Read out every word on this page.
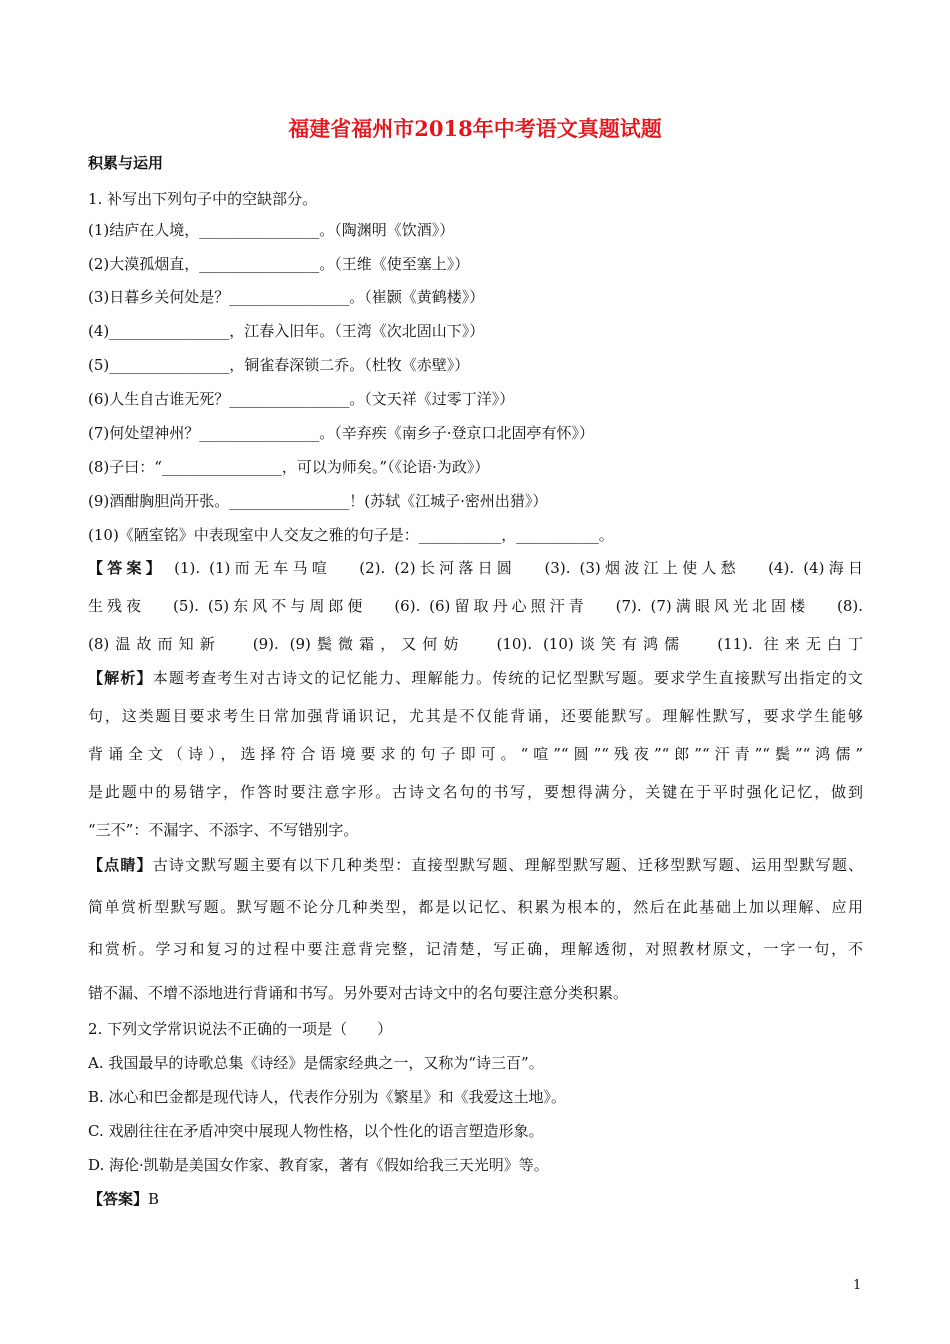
福建省福州市2018年中考语文真题试题
积累与运用
1. 补写出下列句子中的空缺部分。
(1)结庐在人境，________________。（陶渊明《饮酒》）
(2)大漠孤烟直，________________。（王维《使至塞上》）
(3)日暮乡关何处是？________________。（崔颢《黄鹤楼》）
(4)________________，江春入旧年。（王湾《次北固山下》）
(5)________________，铜雀春深锁二乔。（杜牧《赤壁》）
(6)人生自古谁无死？________________。（文天祥《过零丁洋》）
(7)何处望神州？________________。（辛弃疾《南乡子·登京口北固亭有怀》）
(8)子曰：“________________，可以为师矣。”（《论语·为政》）
(9)酒酣胸胆尚开张。________________！(苏轼《江城子·密州出猎》）
(10)《陋室铭》中表现室中人交友之雅的句子是：___________，___________。
【答案】 (1). (1)而无车马喧　 (2). (2)长河落日圆　 (3). (3)烟波江上使人愁　 (4). (4)海日
生残夜　 (5). (5)东风不与周郎便　 (6). (6)留取丹心照汗青　 (7). (7)满眼风光北固楼　 (8).
(8)温故而知新　 (9). (9)鬓微霜，又何妨　 (10). (10)谈笑有鸿儒　 (11). 往来无白丁
【解析】本题考查考生对古诗文的记忆能力、理解能力。传统的记忆型默写题。要求学生直接默写出指定的文
句，这类题目要求考生日常加强背诵识记，尤其是不仅能背诵，还要能默写。理解性默写，要求学生能够
背诵全文（诗），选择符合语境要求的句子即可。“喧”“圆”“残夜”“郎”“汗青”“鬓”“鸿儒”
是此题中的易错字，作答时要注意字形。古诗文名句的书写，要想得满分，关键在于平时强化记忆，做到
“三不”：不漏字、不添字、不写错别字。
【点睛】古诗文默写题主要有以下几种类型：直接型默写题、理解型默写题、迁移型默写题、运用型默写题、
简单赏析型默写题。默写题不论分几种类型，都是以记忆、积累为根本的，然后在此基础上加以理解、应用
和赏析。学习和复习的过程中要注意背完整，记清楚，写正确，理解透彻，对照教材原文，一字一句，不
错不漏、不增不添地进行背诵和书写。另外要对古诗文中的名句要注意分类积累。
2. 下列文学常识说法不正确的一项是（　　）
A. 我国最早的诗歌总集《诗经》是儒家经典之一，又称为“诗三百”。
B. 冰心和巴金都是现代诗人，代表作分别为《繁星》和《我爱这土地》。
C. 戏剧往往在矛盾冲突中展现人物性格，以个性化的语言塑造形象。
D. 海伦·凯勒是美国女作家、教育家，著有《假如给我三天光明》等。
【答案】B
1
